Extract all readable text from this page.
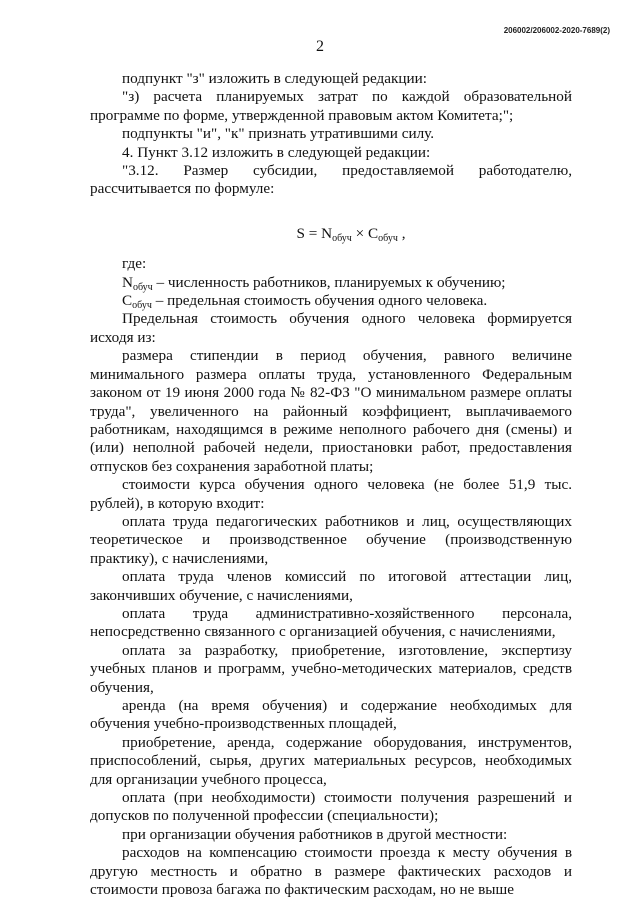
206002/206002-2020-7689(2)
2

подпункт "з" изложить в следующей редакции:

"з) расчета планируемых затрат по каждой образовательной программе по форме, утвержденной правовым актом Комитета;";

подпункты "и", "к" признать утратившими силу.

4. Пункт 3.12 изложить в следующей редакции:

"3.12. Размер субсидии, предоставляемой работодателю, рассчитывается по формуле:

$S = N_{обуч} \times C_{обуч}$ ,

где:

$N_{обуч}$ – численность работников, планируемых к обучению;

$C_{обуч}$ – предельная стоимость обучения одного человека.

Предельная стоимость обучения одного человека формируется исходя из:

размера стипендии в период обучения, равного величине минимального размера оплаты труда, установленного Федеральным законом от 19 июня 2000 года № 82-ФЗ "О минимальном размере оплаты труда", увеличенного на районный коэффициент, выплачиваемого работникам, находящимся в режиме неполного рабочего дня (смены) и (или) неполной рабочей недели, приостановки работ, предоставления отпусков без сохранения заработной платы;

стоимости курса обучения одного человека (не более 51,9 тыс. рублей), в которую входит:

оплата труда педагогических работников и лиц, осуществляющих теоретическое и производственное обучение (производственную практику), с начислениями,

оплата труда членов комиссий по итоговой аттестации лиц, закончивших обучение, с начислениями,

оплата труда административно-хозяйственного персонала, непосредственно связанного с организацией обучения, с начислениями,

оплата за разработку, приобретение, изготовление, экспертизу учебных планов и программ, учебно-методических материалов, средств обучения,

аренда (на время обучения) и содержание необходимых для обучения учебно-производственных площадей,

приобретение, аренда, содержание оборудования, инструментов, приспособлений, сырья, других материальных ресурсов, необходимых для организации учебного процесса,

оплата (при необходимости) стоимости получения разрешений и допусков по полученной профессии (специальности);

при организации обучения работников в другой местности:

расходов на компенсацию стоимости проезда к месту обучения в другую местность и обратно в размере фактических расходов и стоимости провоза багажа по фактическим расходам, но не выше
